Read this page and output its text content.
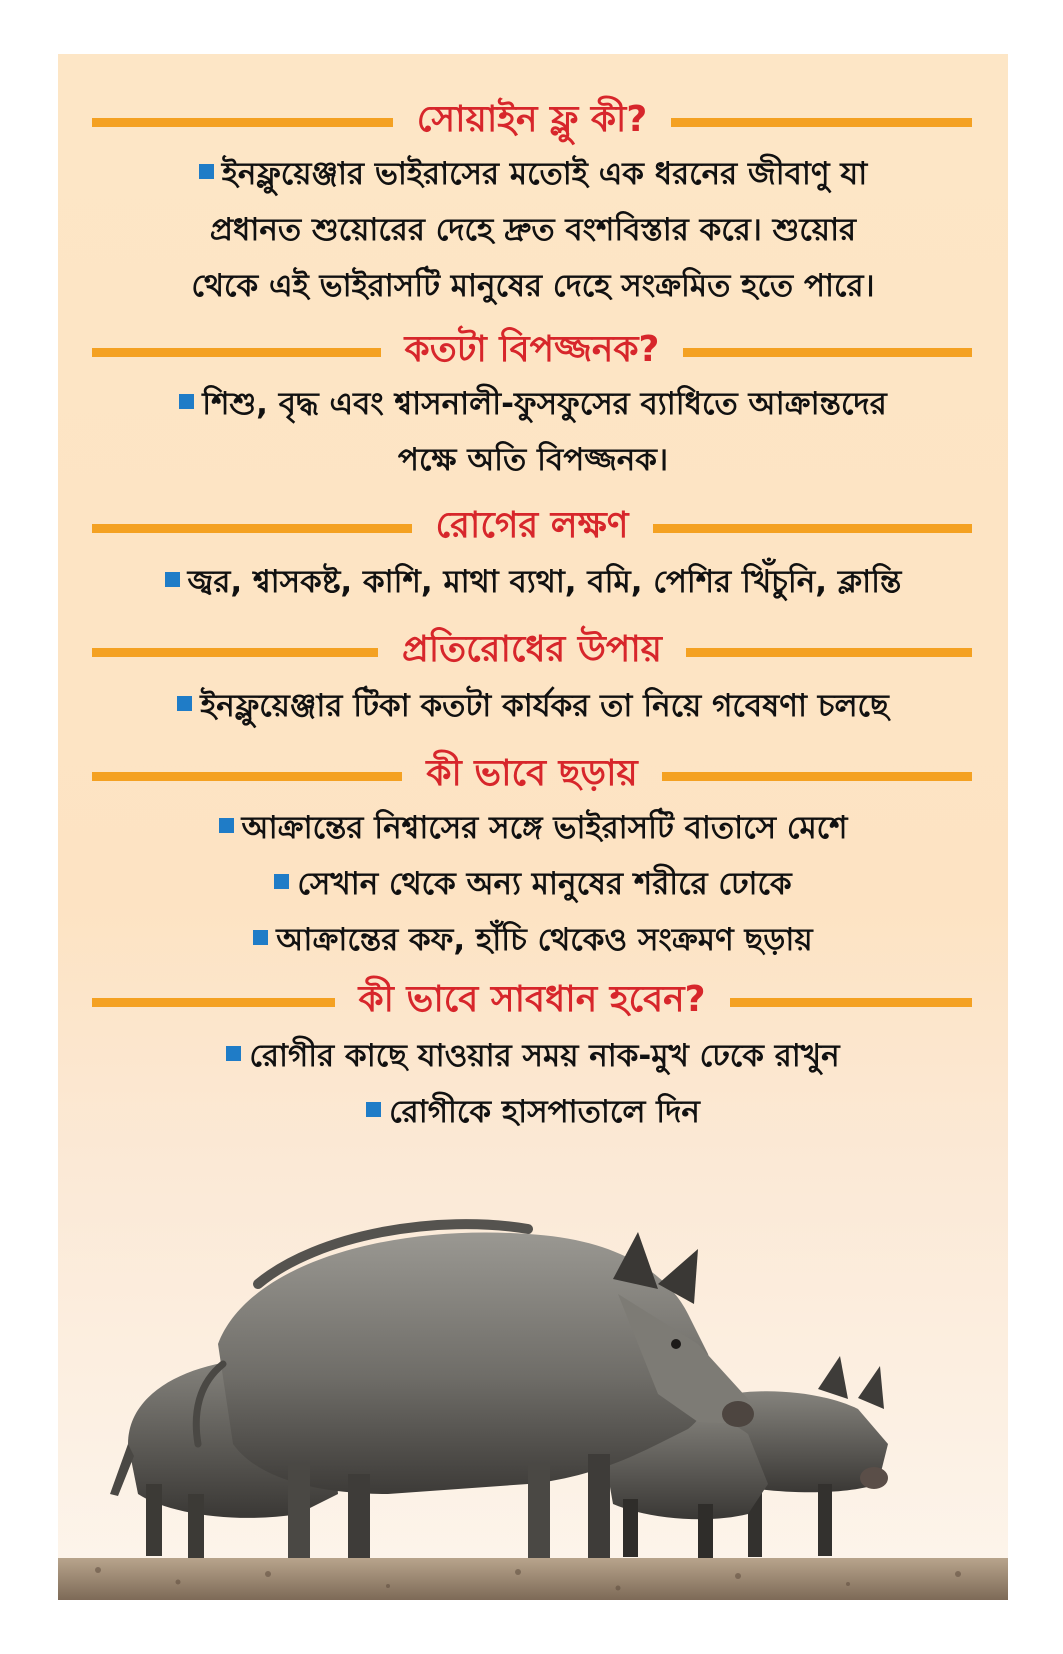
সোয়াইন ফ্লু কী?
ইনফ্লুয়েঞ্জার ভাইরাসের মতোই এক ধরনের জীবাণু যা
প্রধানত শুয়োরের দেহে দ্রুত বংশবিস্তার করে। শুয়োর
থেকে এই ভাইরাসটি মানুষের দেহে সংক্রমিত হতে পারে।
কতটা বিপজ্জনক?
শিশু, বৃদ্ধ এবং শ্বাসনালী-ফুসফুসের ব্যাধিতে আক্রান্তদের
পক্ষে অতি বিপজ্জনক।
রোগের লক্ষণ
জ্বর, শ্বাসকষ্ট, কাশি, মাথা ব্যথা, বমি, পেশির খিঁচুনি, ক্লান্তি
প্রতিরোধের উপায়
ইনফ্লুয়েঞ্জার টিকা কতটা কার্যকর তা নিয়ে গবেষণা চলছে
কী ভাবে ছড়ায়
আক্রান্তের নিশ্বাসের সঙ্গে ভাইরাসটি বাতাসে মেশে
সেখান থেকে অন্য মানুষের শরীরে ঢোকে
আক্রান্তের কফ, হাঁচি থেকেও সংক্রমণ ছড়ায়
কী ভাবে সাবধান হবেন?
রোগীর কাছে যাওয়ার সময় নাক-মুখ ঢেকে রাখুন
রোগীকে হাসপাতালে দিন
